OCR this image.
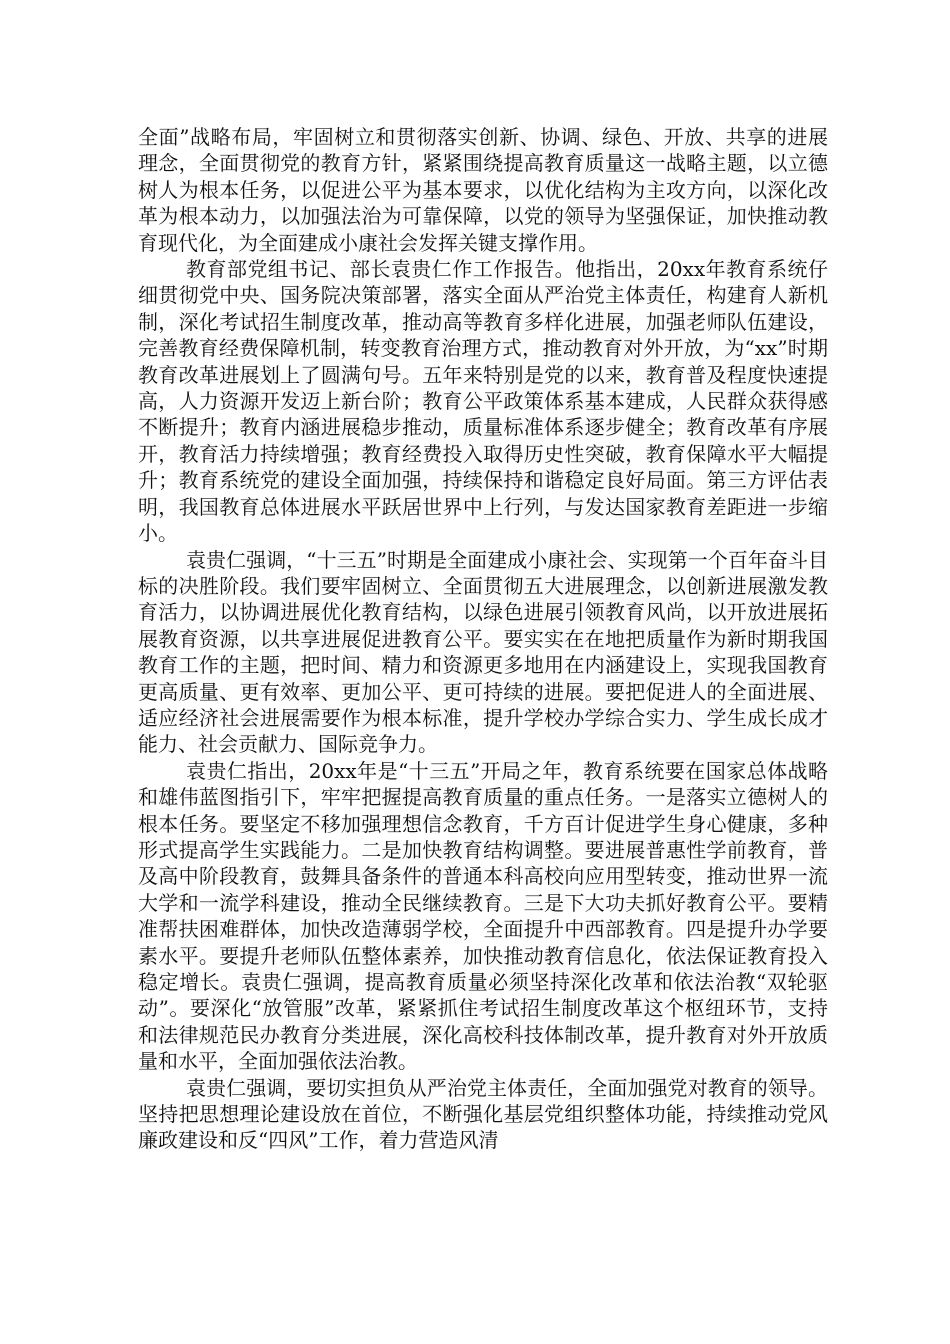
全面”战略布局，牢固树立和贯彻落实创新、协调、绿色、开放、共享的进展理念，全面贯彻党的教育方针，紧紧围绕提高教育质量这一战略主题，以立德树人为根本任务，以促进公平为基本要求，以优化结构为主攻方向，以深化改革为根本动力，以加强法治为可靠保障，以党的领导为坚强保证，加快推动教育现代化，为全面建成小康社会发挥关键支撑作用。

教育部党组书记、部长袁贵仁作工作报告。他指出，20xx年教育系统仔细贯彻党中央、国务院决策部署，落实全面从严治党主体责任，构建育人新机制，深化考试招生制度改革，推动高等教育多样化进展，加强老师队伍建设，完善教育经费保障机制，转变教育治理方式，推动教育对外开放，为“xx”时期教育改革进展划上了圆满句号。五年来特别是党的以来，教育普及程度快速提高，人力资源开发迈上新台阶；教育公平政策体系基本建成，人民群众获得感不断提升；教育内涵进展稳步推动，质量标准体系逐步健全；教育改革有序展开，教育活力持续增强；教育经费投入取得历史性突破，教育保障水平大幅提升；教育系统党的建设全面加强，持续保持和谐稳定良好局面。第三方评估表明，我国教育总体进展水平跃居世界中上行列，与发达国家教育差距进一步缩小。

袁贵仁强调，“十三五”时期是全面建成小康社会、实现第一个百年奋斗目标的决胜阶段。我们要牢固树立、全面贯彻五大进展理念，以创新进展激发教育活力，以协调进展优化教育结构，以绿色进展引领教育风尚，以开放进展拓展教育资源，以共享进展促进教育公平。要实实在在地把质量作为新时期我国教育工作的主题，把时间、精力和资源更多地用在内涵建设上，实现我国教育更高质量、更有效率、更加公平、更可持续的进展。要把促进人的全面进展、适应经济社会进展需要作为根本标准，提升学校办学综合实力、学生成长成才能力、社会贡献力、国际竞争力。

袁贵仁指出，20xx年是“十三五”开局之年，教育系统要在国家总体战略和雄伟蓝图指引下，牢牢把握提高教育质量的重点任务。一是落实立德树人的根本任务。要坚定不移加强理想信念教育，千方百计促进学生身心健康，多种形式提高学生实践能力。二是加快教育结构调整。要进展普惠性学前教育，普及高中阶段教育，鼓舞具备条件的普通本科高校向应用型转变，推动世界一流大学和一流学科建设，推动全民继续教育。三是下大功夫抓好教育公平。要精准帮扶困难群体，加快改造薄弱学校，全面提升中西部教育。四是提升办学要素水平。要提升老师队伍整体素养，加快推动教育信息化，依法保证教育投入稳定增长。袁贵仁强调，提高教育质量必须坚持深化改革和依法治教“双轮驱动”。要深化“放管服”改革，紧紧抓住考试招生制度改革这个枢纽环节，支持和法律规范民办教育分类进展，深化高校科技体制改革，提升教育对外开放质量和水平，全面加强依法治教。

袁贵仁强调，要切实担负从严治党主体责任，全面加强党对教育的领导。坚持把思想理论建设放在首位，不断强化基层党组织整体功能，持续推动党风廉政建设和反“四风”工作，着力营造风清
